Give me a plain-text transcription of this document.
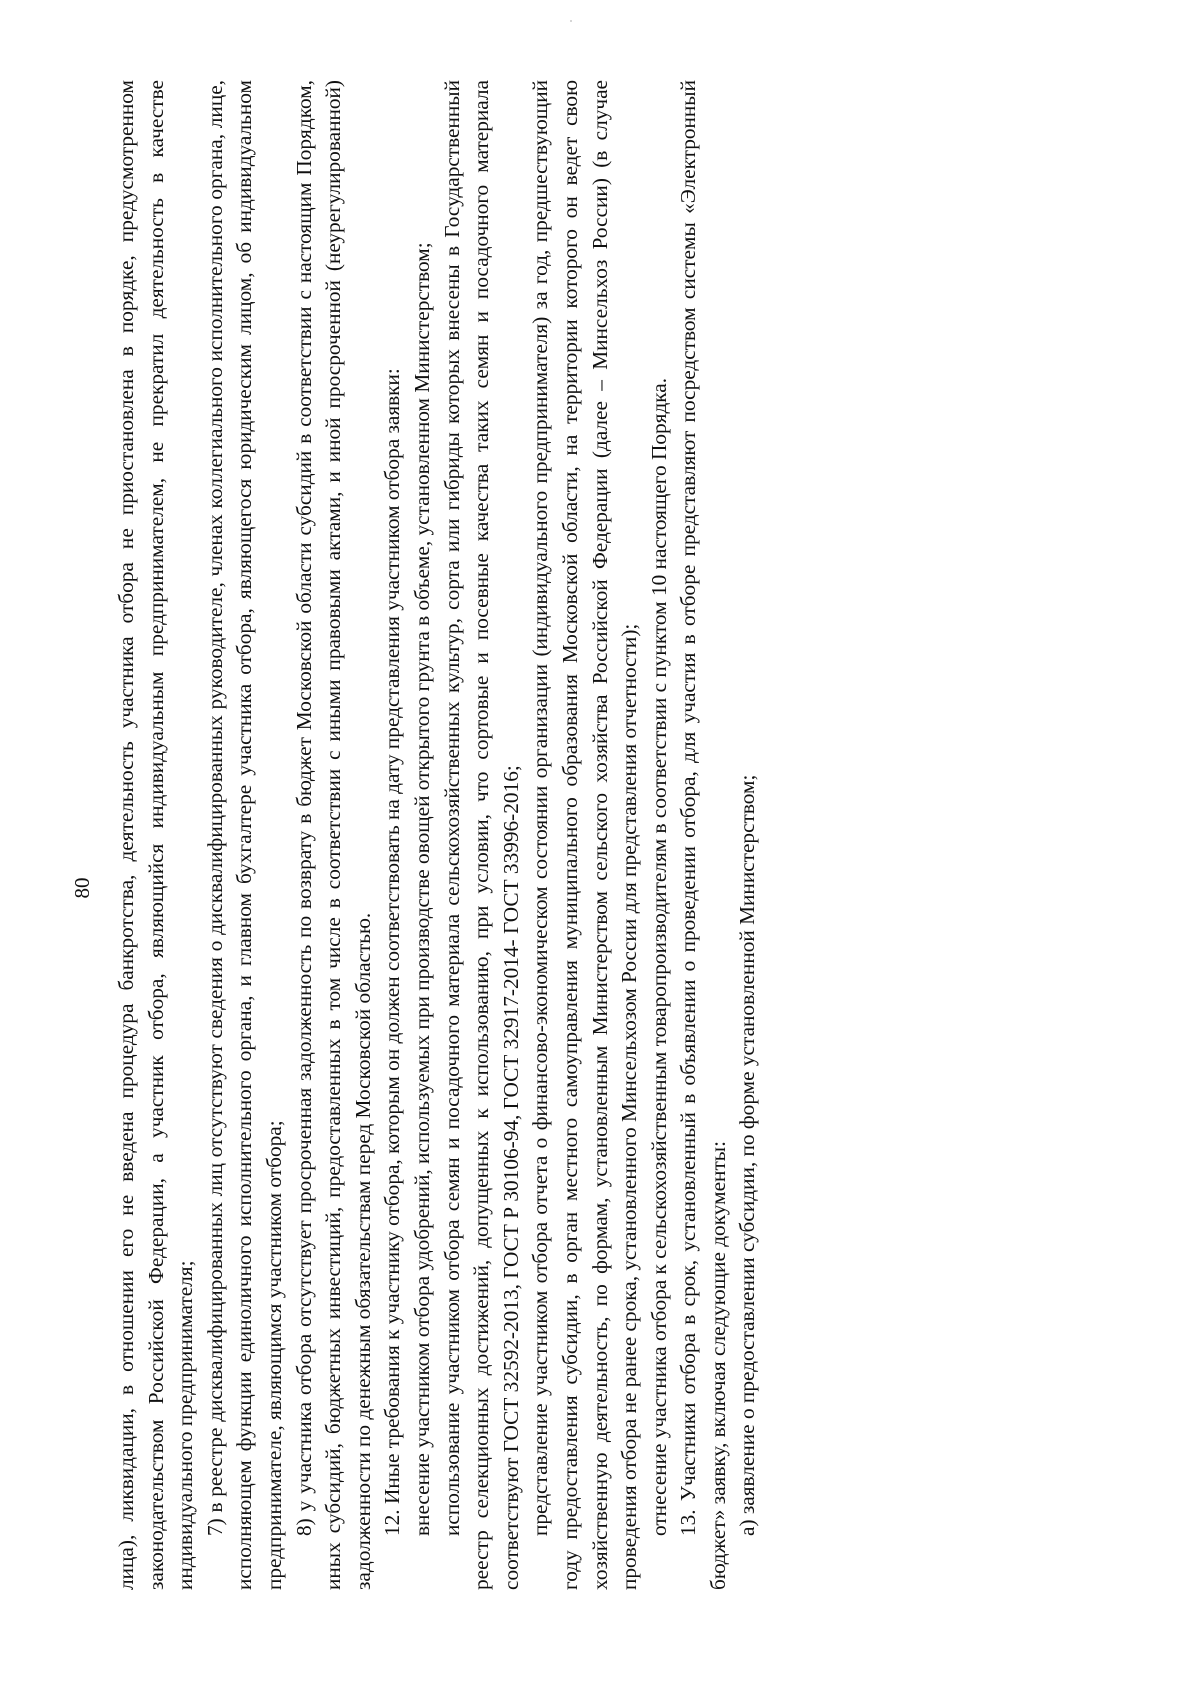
лица), ликвидации, в отношении его не введена процедура банкротства, деятельность участника отбора не приостановлена в порядке, предусмотренном законодательством Российской Федерации, а участник отбора, являющийся индивидуальным предпринимателем, не прекратил деятельность в качестве индивидуального предпринимателя; 7) в реестре дисквалифицированных лиц отсутствуют сведения о дисквалифицированных руководителе, членах коллегиального исполнительного органа, лице, исполняющем функции единоличного исполнительного органа, и главном бухгалтере участника отбора, являющегося юридическим лицом, об индивидуальном предпринимателе, являющимся участником отбора; 8) у участника отбора отсутствует просроченная задолженность по возврату в бюджет Московской области субсидий в соответствии с настоящим Порядком, иных субсидий, бюджетных инвестиций, предоставленных в том числе в соответствии с иными правовыми актами, и иной просроченной (неурегулированной) задолженности по денежным обязательствам перед Московской областью. 12. Иные требования к участнику отбора, которым он должен соответствовать на дату представления участником отбора заявки: внесение участником отбора удобрений, используемых при производстве овощей открытого грунта в объеме, установленном Министерством; использование участником отбора семян и посадочного материала сельскохозяйственных культур, сорта или гибриды которых внесены в Государственный реестр селекционных достижений, допущенных к использованию, при условии, что сортовые и посевные качества таких семян и посадочного материала соответствуют ГОСТ 32592-2013, ГОСТ Р 30106-94, ГОСТ 32917-2014- ГОСТ 33996-2016; представление участником отбора отчета о финансово-экономическом состоянии организации (индивидуального предпринимателя) за год, предшествующий году предоставления субсидии, в орган местного самоуправления муниципального образования Московской области, на территории которого он ведет свою хозяйственную деятельность, по формам, установленным Министерством сельского хозяйства Российской Федерации (далее – Минсельхоз России) (в случае проведения отбора не ранее срока, установленного Минсельхозом России для представления отчетности); отнесение участника отбора к сельскохозяйственным товаропроизводителям в соответствии с пунктом 10 настоящего Порядка. 13. Участники отбора в срок, установленный в объявлении о проведении отбора, для участия в отборе представляют посредством системы «Электронный бюджет» заявку, включая следующие документы: а) заявление о предоставлении субсидии, по форме установленной Министерством;

80
